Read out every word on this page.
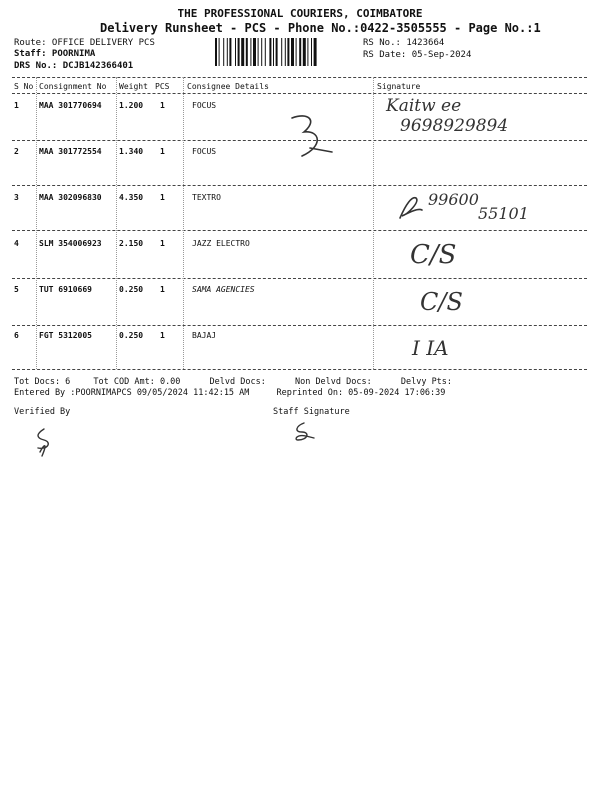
THE PROFESSIONAL COURIERS, COIMBATORE
Delivery Runsheet - PCS - Phone No.:0422-3505555 - Page No.:1
Route: OFFICE DELIVERY PCS
Staff: POORNIMA
DRS No.: DCJB142366401
RS No.: 1423664
RS Date: 05-Sep-2024
S No Consignment No Weight PCS Consignee Details	Signature
1	MAA 301770694 1.200 1	FOCUS
2	MAA 301772554 1.340 1	FOCUS
3	MAA 302096830 4.350 1	TEXTRO
4	SLM 354006923 2.150 1	JAZZ ELECTRO
5	TUT 6910669	0.250 1	SAMA AGENCIES
6	FGT 5312005	0.250 1	BAJAJ
Kaitw ee
9698929894
99600
55101
C/S
C/S
I IA
Tot Docs: 6	Tot COD Amt: 0.00	Delvd Docs:	Non Delvd Docs:	Delvy Pts:
Entered By :POORNIMAPCS 09/05/2024 11:42:15 AM	Reprinted On: 05-09-2024 17:06:39
Verified By	Staff Signature
